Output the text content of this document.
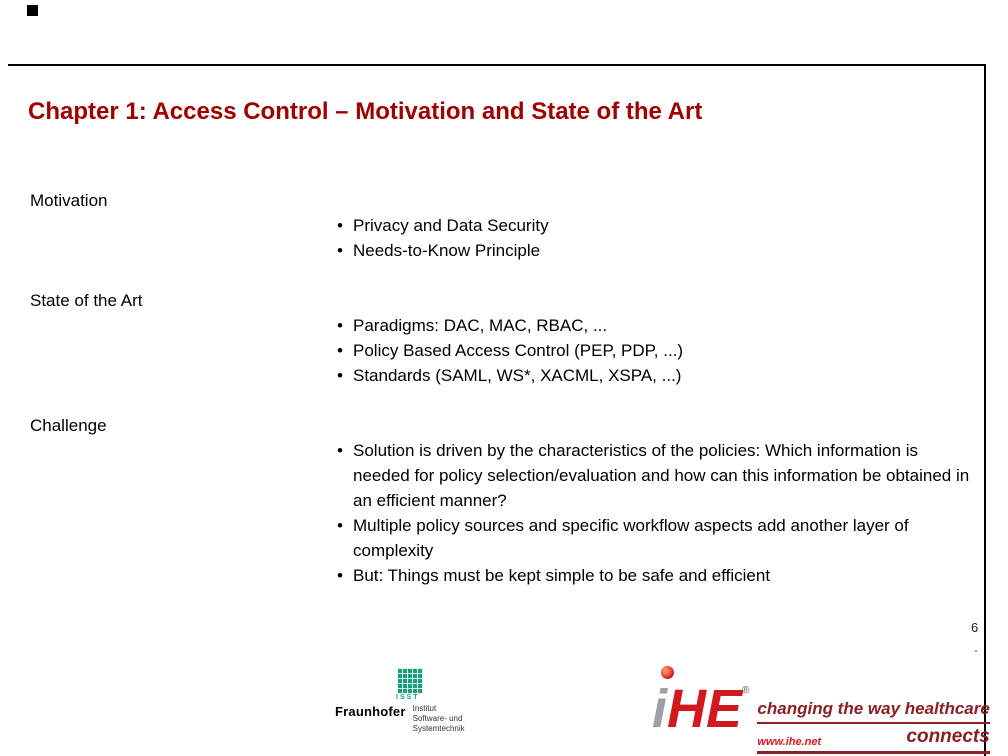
Chapter 1: Access Control – Motivation and State of the Art
Motivation
• Privacy and Data Security
• Needs-to-Know Principle
State of the Art
• Paradigms: DAC, MAC, RBAC, ...
• Policy Based Access Control (PEP, PDP, ...)
• Standards (SAML, WS*, XACML, XSPA, ...)
Challenge
• Solution is driven by the characteristics of the policies: Which information is needed for policy selection/evaluation and how can this information be obtained in an efficient manner?
• Multiple policy sources and specific workflow aspects add another layer of complexity
• But: Things must be kept simple to be safe and efficient
6
-
ISST
Fraunhofer Institut
Software- und
Systemtechnik	iHE®
changing the way healthcare
www.ihe.net	connects
